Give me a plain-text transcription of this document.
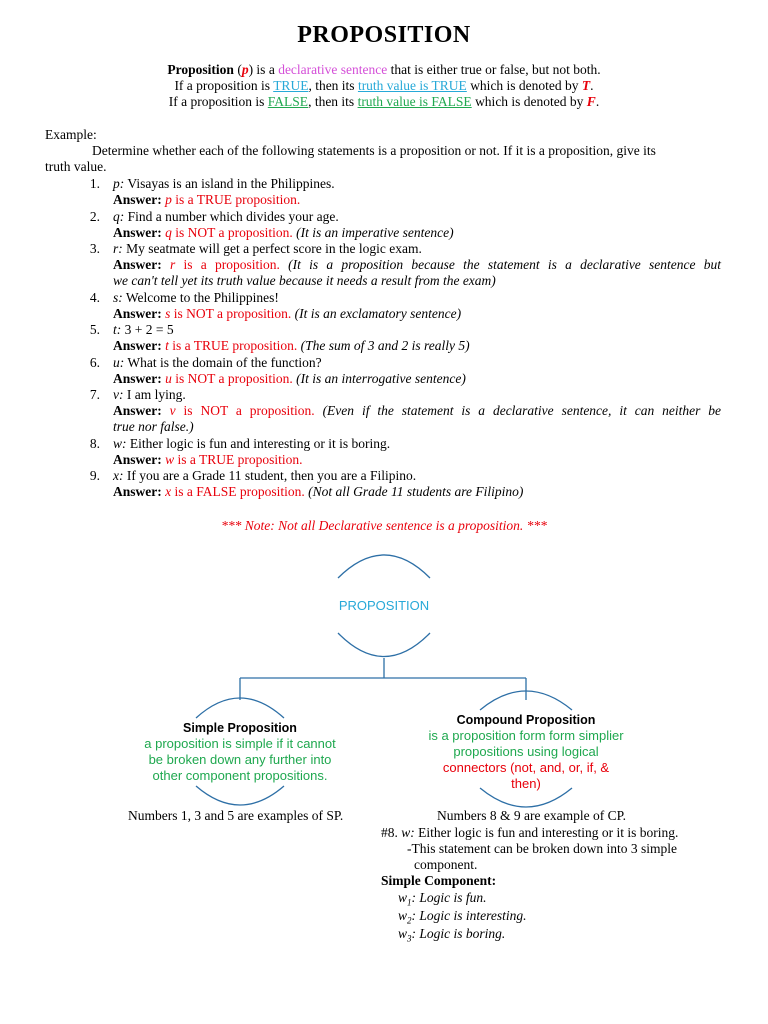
PROPOSITION
Proposition (p) is a declarative sentence that is either true or false, but not both.
If a proposition is TRUE, then its truth value is TRUE which is denoted by T.
If a proposition is FALSE, then its truth value is FALSE which is denoted by F.
Example:
Determine whether each of the following statements is a proposition or not. If it is a proposition, give its
truth value.
1. p: Visayas is an island in the Philippines.
Answer: p is a TRUE proposition.
2. q: Find a number which divides your age.
Answer: q is NOT a proposition. (It is an imperative sentence)
3. r: My seatmate will get a perfect score in the logic exam.
Answer: r is a proposition. (It is a proposition because the statement is a declarative sentence but
we can't tell yet its truth value because it needs a result from the exam)
4. s: Welcome to the Philippines!
Answer: s is NOT a proposition. (It is an exclamatory sentence)
5. t: 3 + 2 = 5
Answer: t is a TRUE proposition. (The sum of 3 and 2 is really 5)
6. u: What is the domain of the function?
Answer: u is NOT a proposition. (It is an interrogative sentence)
7. v: I am lying.
Answer: v is NOT a proposition. (Even if the statement is a declarative sentence, it can neither be
true nor false.)
8. w: Either logic is fun and interesting or it is boring.
Answer: w is a TRUE proposition.
9. x: If you are a Grade 11 student, then you are a Filipino.
Answer: x is a FALSE proposition. (Not all Grade 11 students are Filipino)
*** Note: Not all Declarative sentence is a proposition. ***
PROPOSITION
Simple Proposition
a proposition is simple if it cannot
be broken down any further into
other component propositions.
Compound Proposition
is a proposition form form simplier
propositions using logical
connectors (not, and, or, if, &
then)
Numbers 1, 3 and 5 are examples of SP.	Numbers 8 & 9 are example of CP.
#8. w: Either logic is fun and interesting or it is boring.
-This statement can be broken down into 3 simple
component.
Simple Component:
$w_1$: Logic is fun.
$w_2$: Logic is interesting.
$w_3$: Logic is boring.
